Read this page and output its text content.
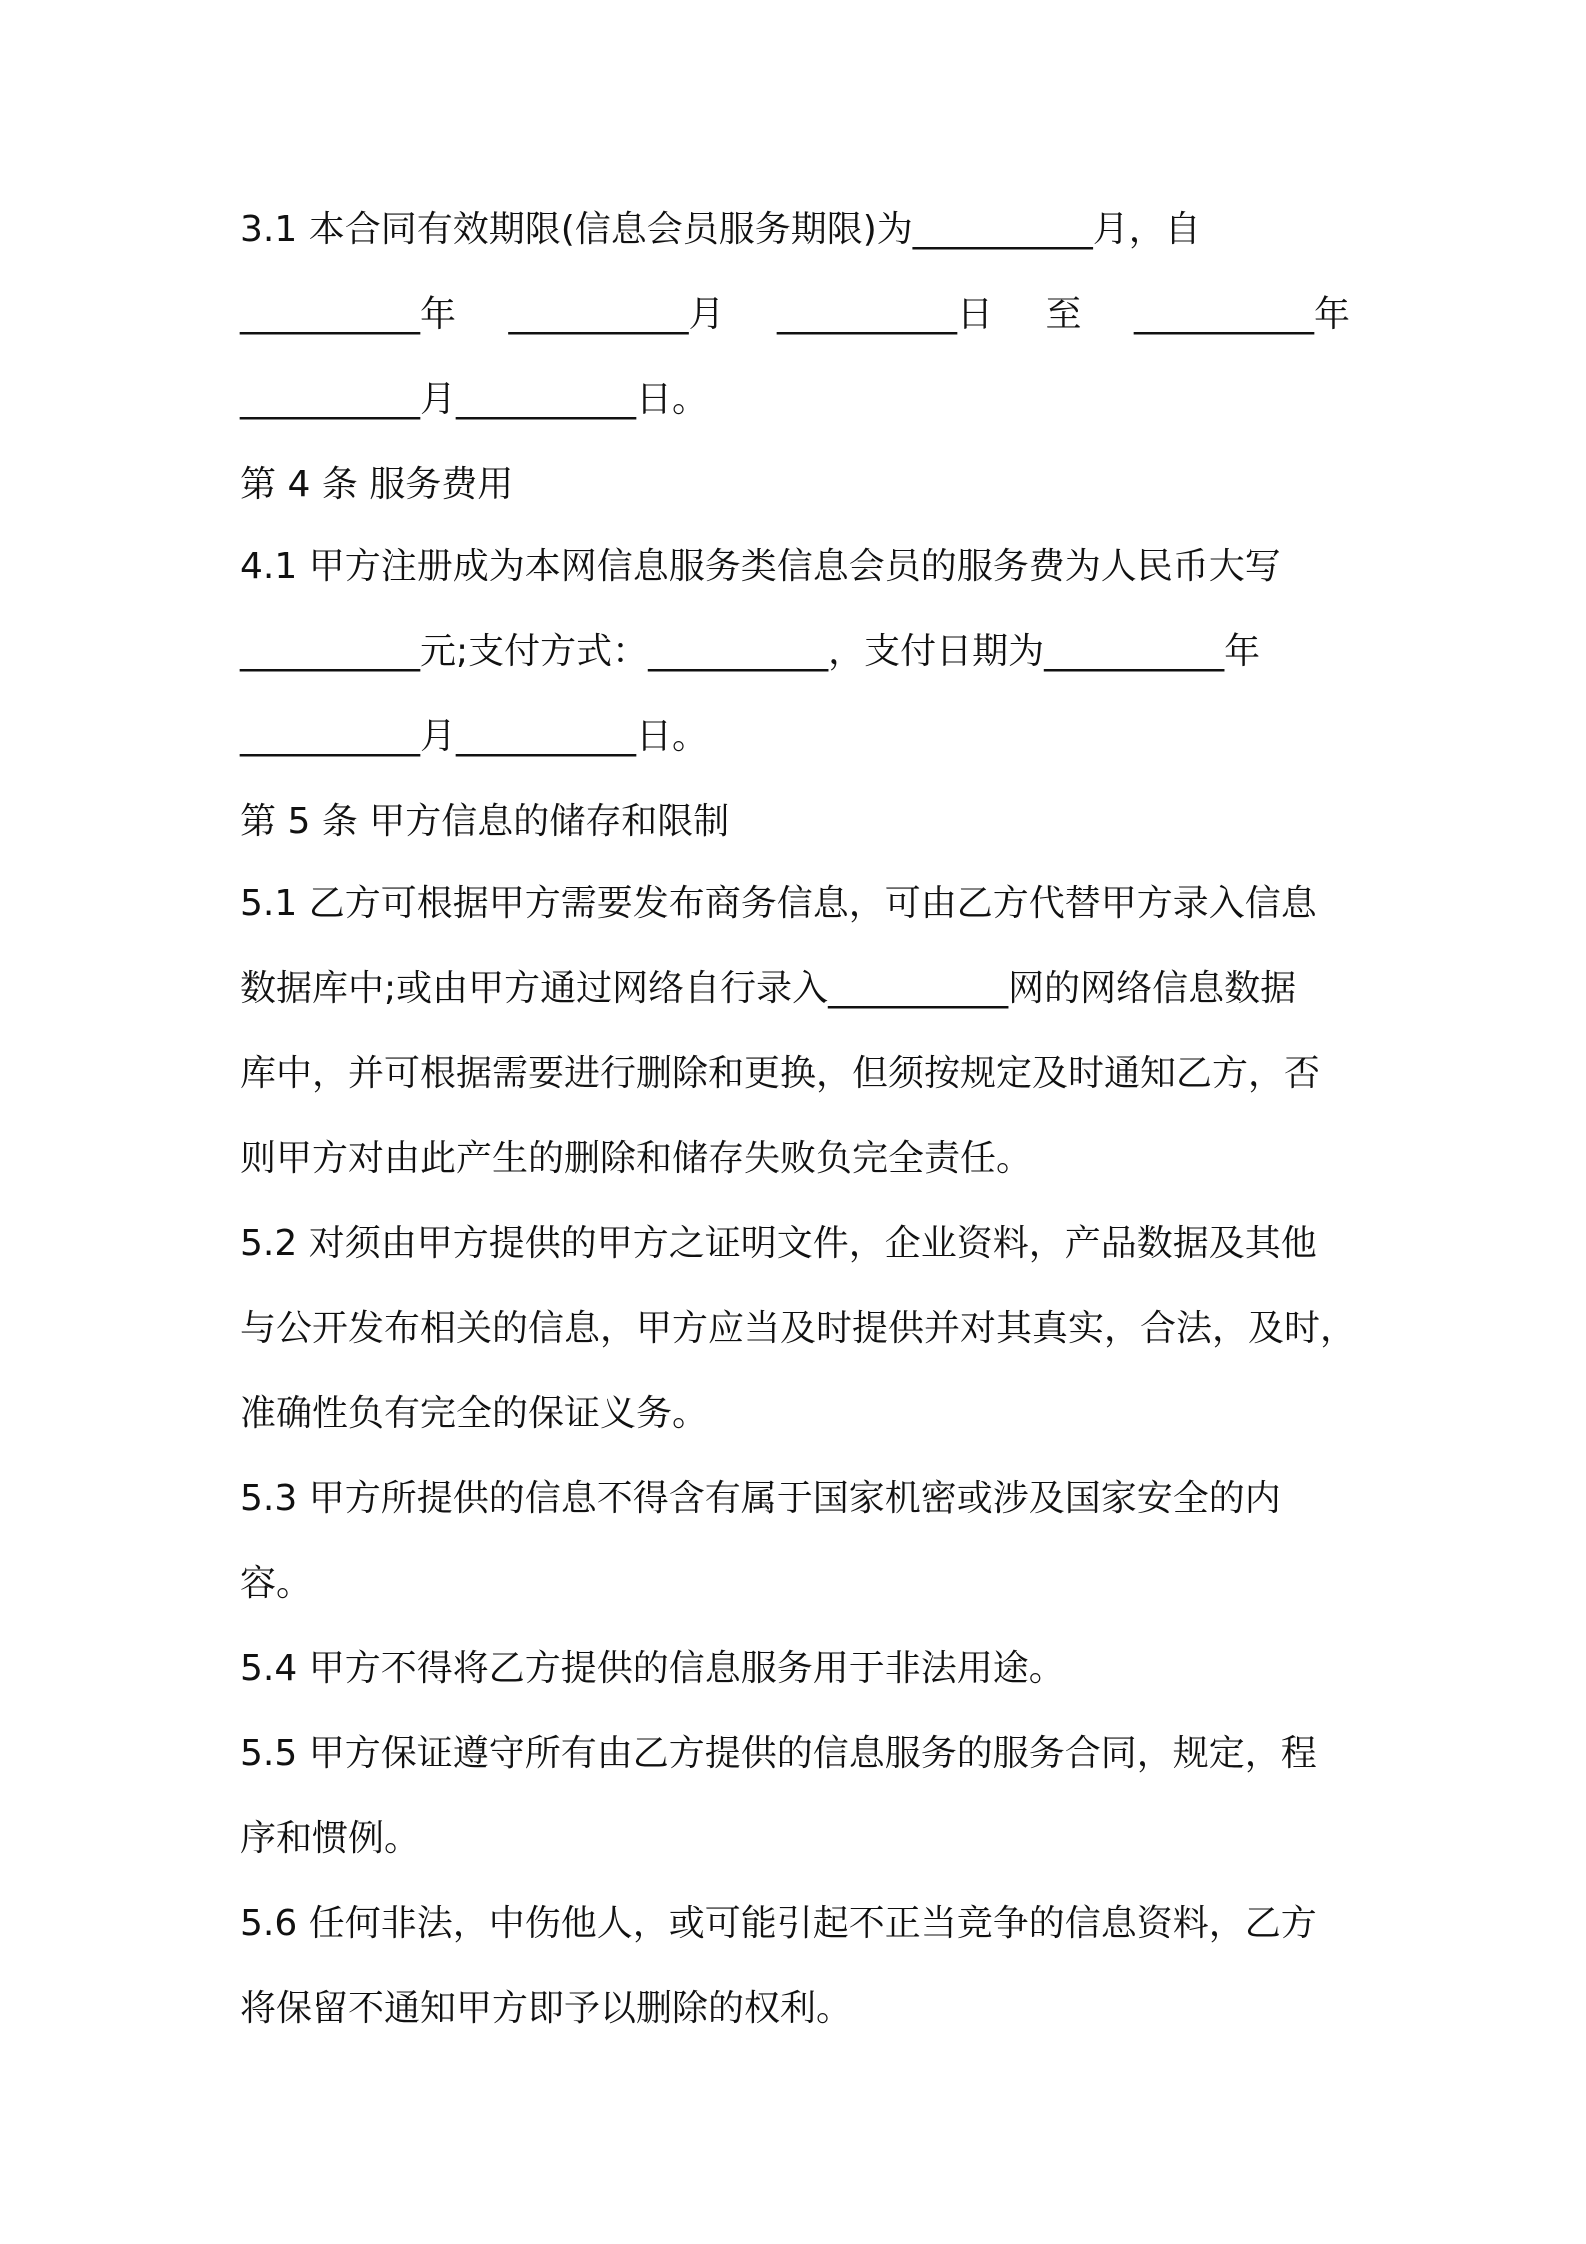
3.1 本合同有效期限(信息会员服务期限)为__________月，自
__________年 __________月 __________日 至 __________年
__________月__________日。
第 4 条 服务费用
4.1 甲方注册成为本网信息服务类信息会员的服务费为人民币大写
__________元;支付方式：__________，支付日期为__________年
__________月__________日。
第 5 条 甲方信息的储存和限制
5.1 乙方可根据甲方需要发布商务信息，可由乙方代替甲方录入信息
数据库中;或由甲方通过网络自行录入__________网的网络信息数据
库中，并可根据需要进行删除和更换，但须按规定及时通知乙方，否
则甲方对由此产生的删除和储存失败负完全责任。
5.2 对须由甲方提供的甲方之证明文件，企业资料，产品数据及其他
与公开发布相关的信息，甲方应当及时提供并对其真实，合法，及时，
准确性负有完全的保证义务。
5.3 甲方所提供的信息不得含有属于国家机密或涉及国家安全的内
容。
5.4 甲方不得将乙方提供的信息服务用于非法用途。
5.5 甲方保证遵守所有由乙方提供的信息服务的服务合同，规定，程
序和惯例。
5.6 任何非法，中伤他人，或可能引起不正当竞争的信息资料，乙方
将保留不通知甲方即予以删除的权利。
